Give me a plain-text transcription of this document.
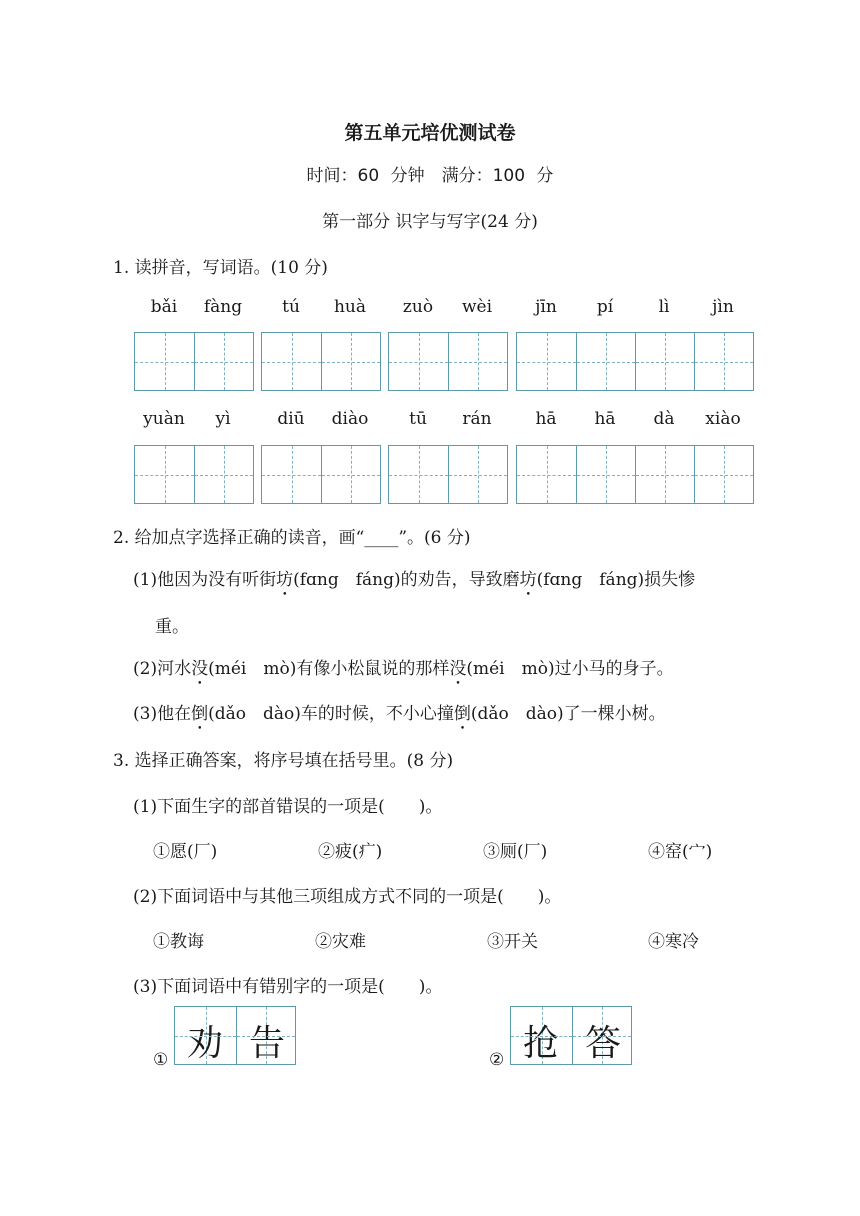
第五单元培优测试卷
时间：60 分钟　满分：100 分
第一部分 识字与写字(24 分)
1. 读拼音，写词语。(10 分)
bǎi	fàng	tú	huà	zuò	wèi	jīn	pí	lì	jìn
yuàn	yì	diū	diào	tū	rán	hā	hā	dà	xiào
2. 给加点字选择正确的读音，画“____”。(6 分)
(1)他因为没有听街坊(fɑng　fáng)的劝告，导致磨坊(fɑng　fáng)损失惨
重。
(2)河水没(méi　mò)有像小松鼠说的那样没(méi　mò)过小马的身子。
(3)他在倒(dǎo　dào)车的时候，不小心撞倒(dǎo　dào)了一棵小树。
3. 选择正确答案，将序号填在括号里。(8 分)
(1)下面生字的部首错误的一项是(　　)。
①愿(厂)	②疲(疒)	③厕(厂)	④窑(宀)
(2)下面词语中与其他三项组成方式不同的一项是(　　)。
①教诲	②灾难	③开关	④寒冷
(3)下面词语中有错别字的一项是(　　)。
① 劝 告	② 抢 答
